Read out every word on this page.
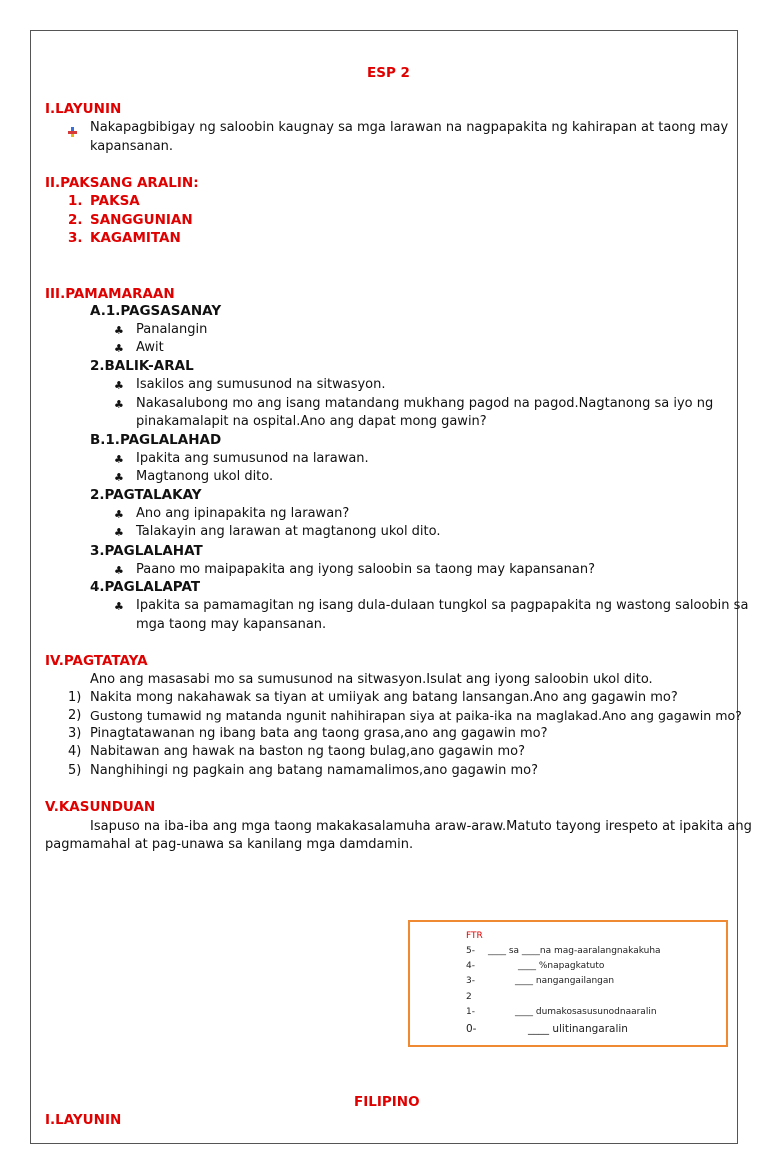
ESP 2
I.LAYUNIN
Nakapagbibigay ng saloobin kaugnay sa mga larawan na nagpapakita ng kahirapan at taong may
kapansanan.
II.PAKSANG ARALIN:
1. PAKSA
2. SANGGUNIAN
3. KAGAMITAN
III.PAMAMARAAN
A.1.PAGSASANAY
♣ Panalangin
♣ Awit
2.BALIK-ARAL
♣ Isakilos ang sumusunod na sitwasyon.
♣ Nakasalubong mo ang isang matandang mukhang pagod na pagod.Nagtanong sa iyo ng
pinakamalapit na ospital.Ano ang dapat mong gawin?
B.1.PAGLALAHAD
♣ Ipakita ang sumusunod na larawan.
♣ Magtanong ukol dito.
2.PAGTALAKAY
♣ Ano ang ipinapakita ng larawan?
♣ Talakayin ang larawan at magtanong ukol dito.
3.PAGLALAHAT
♣ Paano mo maipapakita ang iyong saloobin sa taong may kapansanan?
4.PAGLALAPAT
♣ Ipakita sa pamamagitan ng isang dula-dulaan tungkol sa pagpapakita ng wastong saloobin sa
mga taong may kapansanan.
IV.PAGTATAYA
Ano ang masasabi mo sa sumusunod na sitwasyon.Isulat ang iyong saloobin ukol dito.
1) Nakita mong nakahawak sa tiyan at umiiyak ang batang lansangan.Ano ang gagawin mo?
2) Gustong tumawid ng matanda ngunit nahihirapan siya at paika-ika na maglakad.Ano ang gagawin mo?
3) Pinagtatawanan ng ibang bata ang taong grasa,ano ang gagawin mo?
4) Nabitawan ang hawak na baston ng taong bulag,ano gagawin mo?
5) Nanghihingi ng pagkain ang batang namamalimos,ano gagawin mo?
V.KASUNDUAN
Isapuso na iba-iba ang mga taong makakasalamuha araw-araw.Matuto tayong irespeto at ipakita ang
pagmamahal at pag-unawa sa kanilang mga damdamin.
FTR
5- ____ sa ____na mag-aaralangnakakuha
4-	____ %napagkatuto
3-	____ nangangailangan
2
1-	____ dumakosasusunodnaaralin
0-	____ ulitinangaralin
FILIPINO
I.LAYUNIN
